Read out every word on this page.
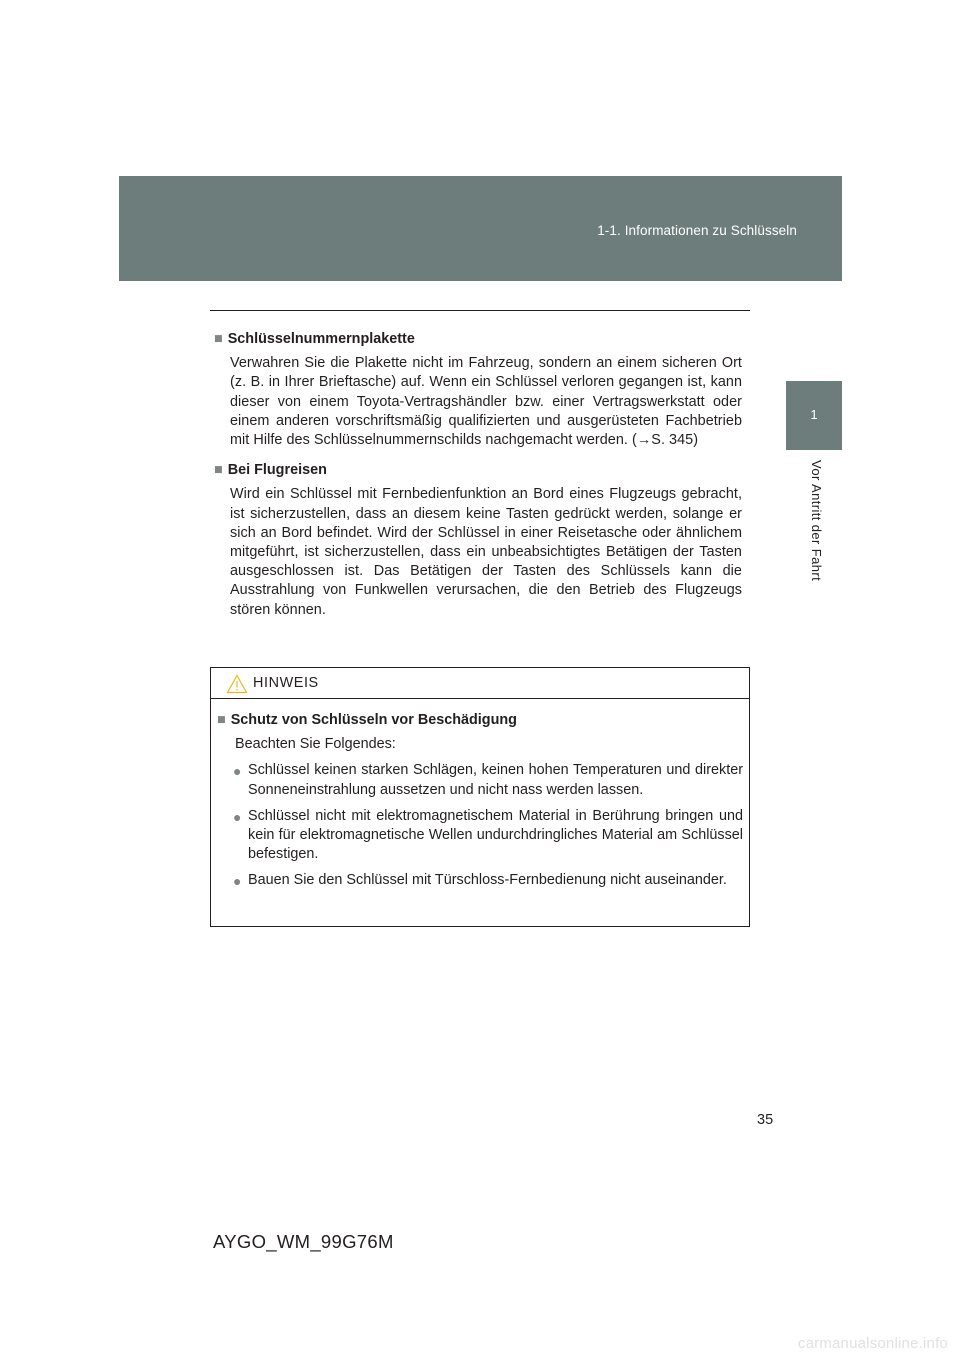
1-1. Informationen zu Schlüsseln
1
Vor Antritt der Fahrt
■ Schlüsselnummernplakette
Verwahren Sie die Plakette nicht im Fahrzeug, sondern an einem sicheren Ort (z. B. in Ihrer Brieftasche) auf. Wenn ein Schlüssel verloren gegangen ist, kann dieser von einem Toyota-Vertragshändler bzw. einer Vertragswerkstatt oder einem anderen vorschriftsmäßig qualifizierten und ausgerüsteten Fachbetrieb mit Hilfe des Schlüsselnummernschilds nachgemacht werden. (→S. 345)
■ Bei Flugreisen
Wird ein Schlüssel mit Fernbedienfunktion an Bord eines Flugzeugs gebracht, ist sicherzustellen, dass an diesem keine Tasten gedrückt werden, solange er sich an Bord befindet. Wird der Schlüssel in einer Reisetasche oder ähnlichem mitgeführt, ist sicherzustellen, dass ein unbeabsichtigtes Betätigen der Tasten ausgeschlossen ist. Das Betätigen der Tasten des Schlüssels kann die Ausstrahlung von Funkwellen verursachen, die den Betrieb des Flugzeugs stören können.
HINWEIS
■ Schutz von Schlüsseln vor Beschädigung
Beachten Sie Folgendes:
● Schlüssel keinen starken Schlägen, keinen hohen Temperaturen und direkter Sonneneinstrahlung aussetzen und nicht nass werden lassen.
● Schlüssel nicht mit elektromagnetischem Material in Berührung bringen und kein für elektromagnetische Wellen undurchdringliches Material am Schlüssel befestigen.
● Bauen Sie den Schlüssel mit Türschloss-Fernbedienung nicht auseinander.
35
AYGO_WM_99G76M
carmanualsonline.info
